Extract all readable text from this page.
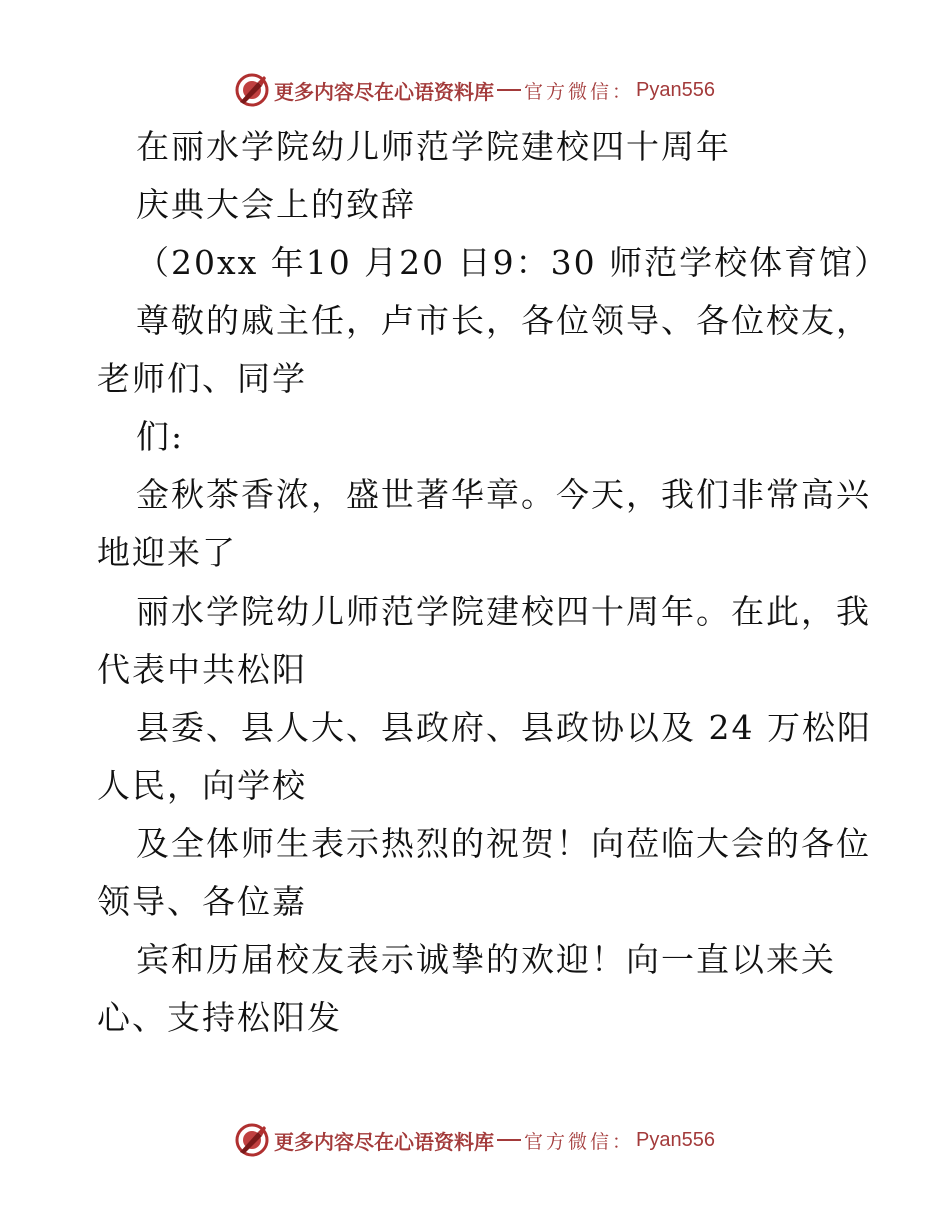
更多内容尽在心语资料库 官方微信： Pyan556
在丽水学院幼儿师范学院建校四十周年
庆典大会上的致辞
（20xx 年10 月20 日9：30 师范学校体育馆）
尊敬的戚主任，卢市长，各位领导、各位校友，
老师们、同学
们:
金秋茶香浓，盛世著华章。今天，我们非常高兴
地迎来了
丽水学院幼儿师范学院建校四十周年。在此，我
代表中共松阳
县委、县人大、县政府、县政协以及 24 万松阳
人民，向学校
及全体师生表示热烈的祝贺！向莅临大会的各位
领导、各位嘉
宾和历届校友表示诚挚的欢迎！向一直以来关
心、支持松阳发
更多内容尽在心语资料库 官方微信： Pyan556
